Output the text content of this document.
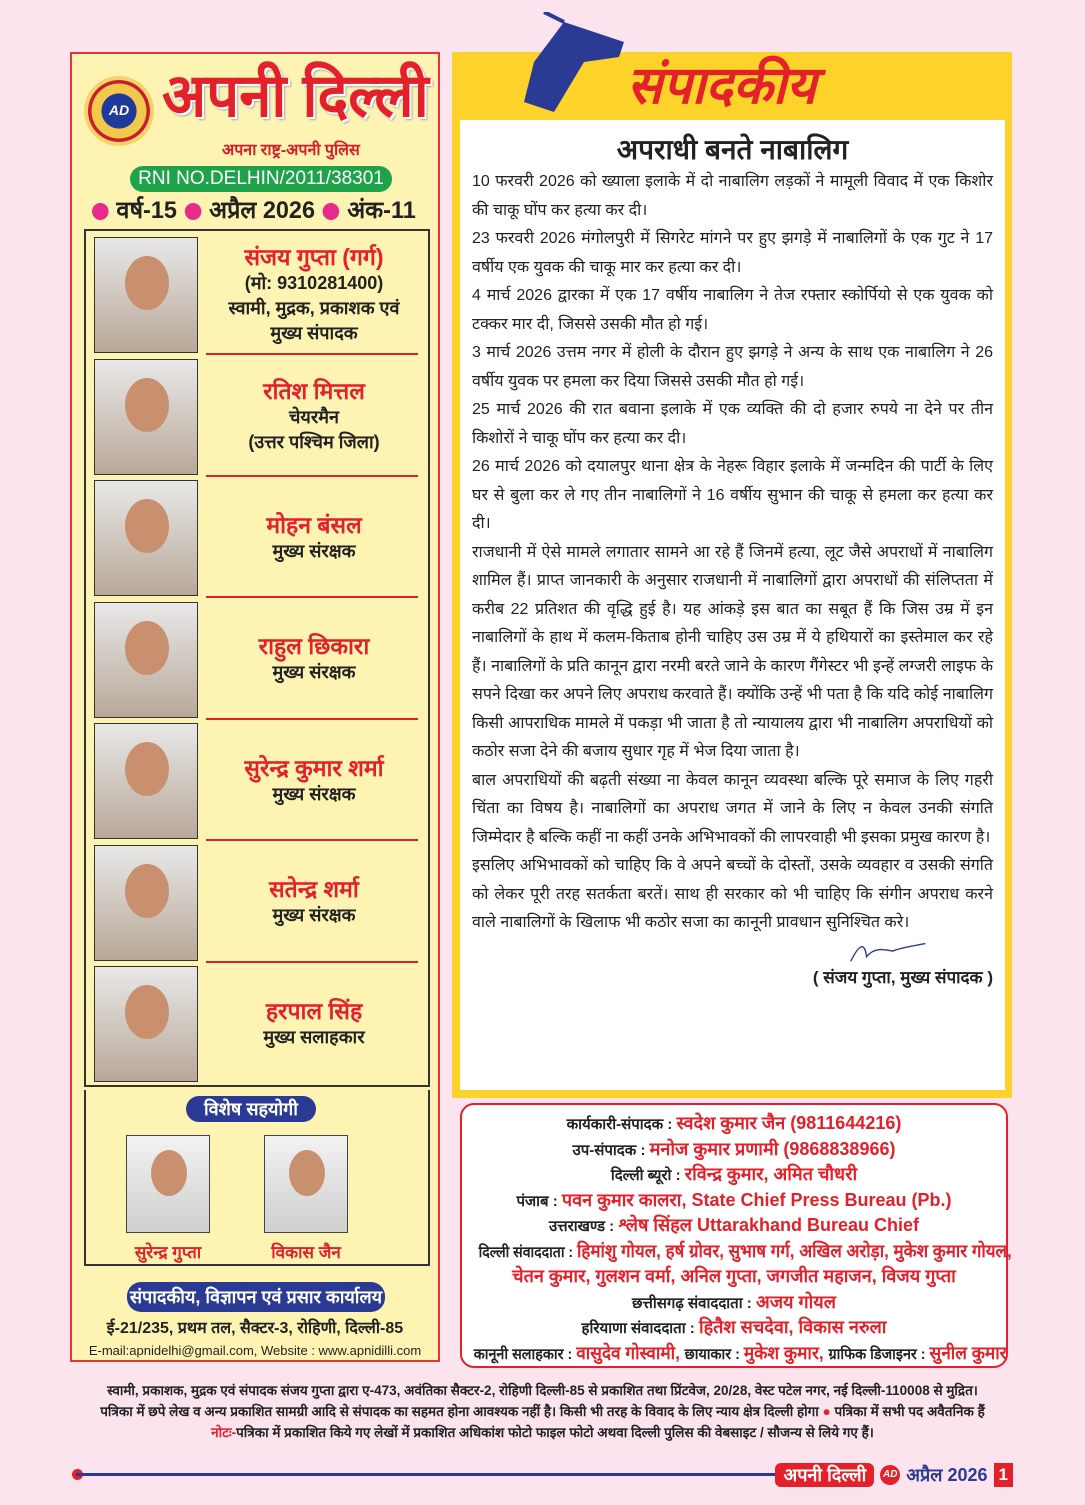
AD अपनी दिल्ली
अपना राष्ट्र-अपनी पुलिस
RNI NO.DELHIN/2011/38301
वर्ष-15 अप्रैल 2026 अंक-11
संजय गुप्ता (गर्ग)
(मो: 9310281400)
स्वामी, मुद्रक, प्रकाशक एवं
मुख्य संपादक
रतिश मित्तल
चेयरमैन
(उत्तर पश्चिम जिला)
मोहन बंसल
मुख्य संरक्षक
राहुल छिकारा
मुख्य संरक्षक
सुरेन्द्र कुमार शर्मा
मुख्य संरक्षक
सतेन्द्र शर्मा
मुख्य संरक्षक
हरपाल सिंह
मुख्य सलाहकार
विशेष सहयोगी
सुरेन्द्र गुप्ता	विकास जैन
संपादकीय, विज्ञापन एवं प्रसार कार्यालय
ई-21/235, प्रथम तल, सैक्टर-3, रोहिणी, दिल्ली-85
E-mail:apnidelhi@gmail.com, Website : www.apnidilli.com
संपादकीय
अपराधी बनते नाबालिग

10 फरवरी 2026 को ख्याला इलाके में दो नाबालिग लड़कों ने मामूली विवाद में एक किशोर की चाकू घोंप कर हत्या कर दी।

23 फरवरी 2026 मंगोलपुरी में सिगरेट मांगने पर हुए झगड़े में नाबालिगों के एक गुट ने 17 वर्षीय एक युवक की चाकू मार कर हत्या कर दी।

4 मार्च 2026 द्वारका में एक 17 वर्षीय नाबालिग ने तेज रफ्तार स्कोर्पियो से एक युवक को टक्कर मार दी, जिससे उसकी मौत हो गई।

3 मार्च 2026 उत्तम नगर में होली के दौरान हुए झगड़े ने अन्य के साथ एक नाबालिग ने 26 वर्षीय युवक पर हमला कर दिया जिससे उसकी मौत हो गई।

25 मार्च 2026 की रात बवाना इलाके में एक व्यक्ति की दो हजार रुपये ना देने पर तीन किशोरों ने चाकू घोंप कर हत्या कर दी।

26 मार्च 2026 को दयालपुर थाना क्षेत्र के नेहरू विहार इलाके में जन्मदिन की पार्टी के लिए घर से बुला कर ले गए तीन नाबालिगों ने 16 वर्षीय सुभान की चाकू से हमला कर हत्या कर दी।

राजधानी में ऐसे मामले लगातार सामने आ रहे हैं जिनमें हत्या, लूट जैसे अपराधों में नाबालिग शामिल हैं। प्राप्त जानकारी के अनुसार राजधानी में नाबालिगों द्वारा अपराधों की संलिप्तता में करीब 22 प्रतिशत की वृद्धि हुई है। यह आंकड़े इस बात का सबूत हैं कि जिस उम्र में इन नाबालिगों के हाथ में कलम-किताब होनी चाहिए उस उम्र में ये हथियारों का इस्तेमाल कर रहे हैं। नाबालिगों के प्रति कानून द्वारा नरमी बरते जाने के कारण गैंगेस्टर भी इन्हें लग्जरी लाइफ के सपने दिखा कर अपने लिए अपराध करवाते हैं। क्योंकि उन्हें भी पता है कि यदि कोई नाबालिग किसी आपराधिक मामले में पकड़ा भी जाता है तो न्यायालय द्वारा भी नाबालिग अपराधियों को कठोर सजा देने की बजाय सुधार गृह में भेज दिया जाता है।

बाल अपराधियों की बढ़ती संख्या ना केवल कानून व्यवस्था बल्कि पूरे समाज के लिए गहरी चिंता का विषय है। नाबालिगों का अपराध जगत में जाने के लिए न केवल उनकी संगति जिम्मेदार है बल्कि कहीं ना कहीं उनके अभिभावकों की लापरवाही भी इसका प्रमुख कारण है।

इसलिए अभिभावकों को चाहिए कि वे अपने बच्चों के दोस्तों, उसके व्यवहार व उसकी संगति को लेकर पूरी तरह सतर्कता बरतें। साथ ही सरकार को भी चाहिए कि संगीन अपराध करने वाले नाबालिगों के खिलाफ भी कठोर सजा का कानूनी प्रावधान सुनिश्चित करे।

( संजय गुप्ता, मुख्य संपादक )
कार्यकारी-संपादक : स्वदेश कुमार जैन (9811644216)
उप-संपादक : मनोज कुमार प्रणामी (9868838966)
दिल्ली ब्यूरो : रविन्द्र कुमार, अमित चौधरी
पंजाब : पवन कुमार कालरा, State Chief Press Bureau (Pb.)
उत्तराखण्ड : श्लेष सिंहल Uttarakhand Bureau Chief
दिल्ली संवाददाता : हिमांशु गोयल, हर्ष ग्रोवर, सुभाष गर्ग, अखिल अरोड़ा, मुकेश कुमार गोयल,
चेतन कुमार, गुलशन वर्मा, अनिल गुप्ता, जगजीत महाजन, विजय गुप्ता
छत्तीसगढ़ संवाददाता : अजय गोयल
हरियाणा संवाददाता : हितैश सचदेवा, विकास नरुला
कानूनी सलाहकार : वासुदेव गोस्वामी, छायाकार : मुकेश कुमार, ग्राफिक डिजाइनर : सुनील कुमार
स्वामी, प्रकाशक, मुद्रक एवं संपादक संजय गुप्ता द्वारा ए-473, अवंतिका सैक्टर-2, रोहिणी दिल्ली-85 से प्रकाशित तथा प्रिंटवेज, 20/28, वेस्ट पटेल नगर, नई दिल्ली-110008 से मुद्रित।
पत्रिका में छपे लेख व अन्य प्रकाशित सामग्री आदि से संपादक का सहमत होना आवश्यक नहीं है। किसी भी तरह के विवाद के लिए न्याय क्षेत्र दिल्ली होगा ● पत्रिका में सभी पद अवैतनिक हैं
नोटः-पत्रिका में प्रकाशित किये गए लेखों में प्रकाशित अधिकांश फोटो फाइल फोटो अथवा दिल्ली पुलिस की वेबसाइट / सौजन्य से लिये गए हैं।
अपनी दिल्ली	AD अप्रैल 2026 1
